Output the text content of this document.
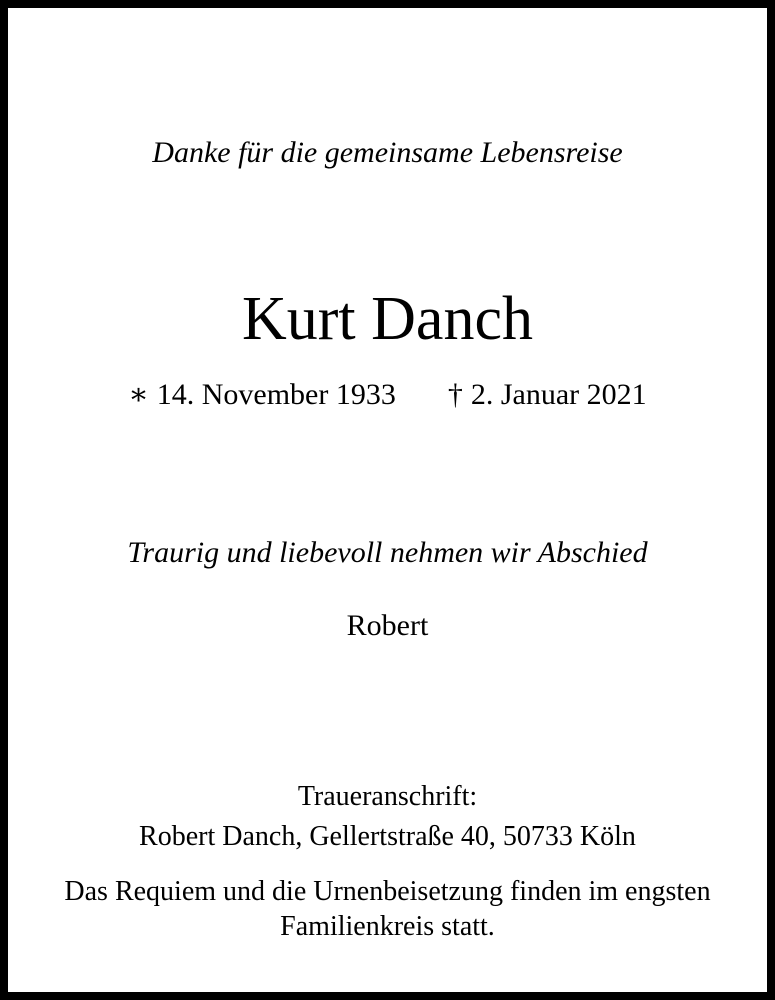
Danke für die gemeinsame Lebensreise
Kurt Danch
∗ 14. November 1933 † 2. Januar 2021
Traurig und liebevoll nehmen wir Abschied
Robert
Traueranschrift:
Robert Danch, Gellertstraße 40, 50733 Köln
Das Requiem und die Urnenbeisetzung finden im engsten
Familienkreis statt.
